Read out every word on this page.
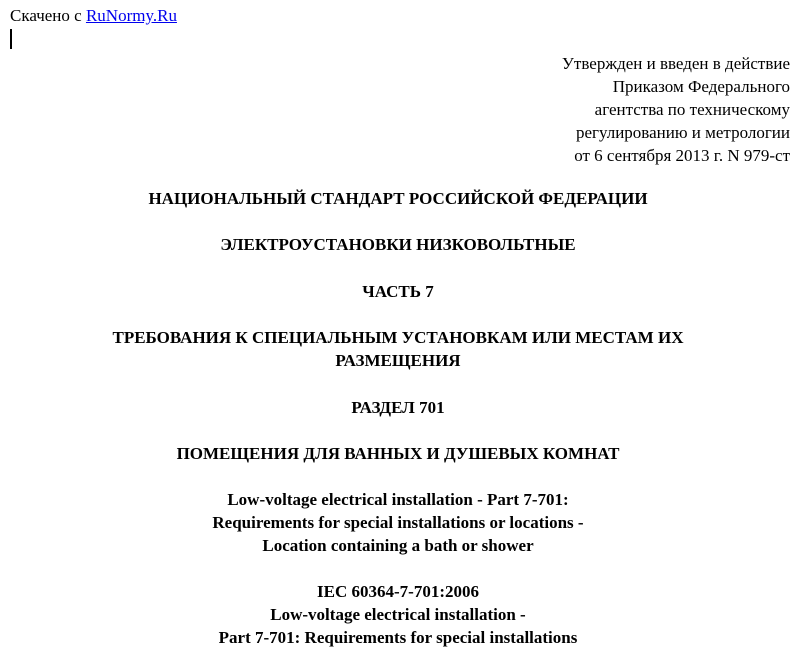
Скачено с RuNormy.Ru
Утвержден и введен в действие
Приказом Федерального
агентства по техническому
регулированию и метрологии
от 6 сентября 2013 г. N 979-ст
НАЦИОНАЛЬНЫЙ СТАНДАРТ РОССИЙСКОЙ ФЕДЕРАЦИИ
ЭЛЕКТРОУСТАНОВКИ НИЗКОВОЛЬТНЫЕ
ЧАСТЬ 7
ТРЕБОВАНИЯ К СПЕЦИАЛЬНЫМ УСТАНОВКАМ ИЛИ МЕСТАМ ИХ
РАЗМЕЩЕНИЯ
РАЗДЕЛ 701
ПОМЕЩЕНИЯ ДЛЯ ВАННЫХ И ДУШЕВЫХ КОМНАТ
Low-voltage electrical installation - Part 7-701:
Requirements for special installations or locations -
Location containing a bath or shower
IEC 60364-7-701:2006
Low-voltage electrical installation -
Part 7-701: Requirements for special installations
